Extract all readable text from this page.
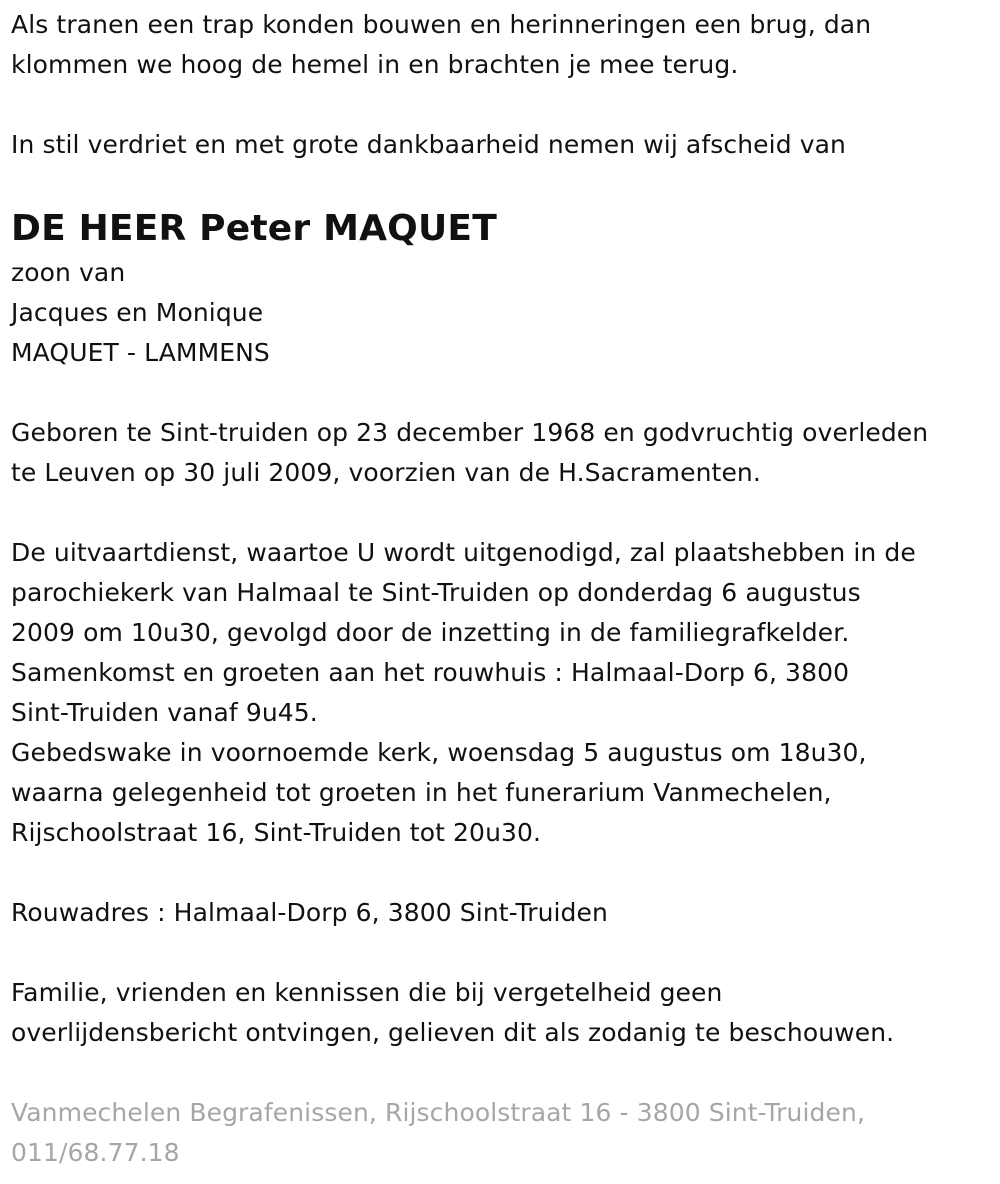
Als tranen een trap konden bouwen en herinneringen een brug, dan
klommen we hoog de hemel in en brachten je mee terug.

In stil verdriet en met grote dankbaarheid nemen wij afscheid van

DE HEER Peter MAQUET

zoon van
Jacques en Monique
MAQUET - LAMMENS

Geboren te Sint-truiden op 23 december 1968 en godvruchtig overleden
te Leuven op 30 juli 2009, voorzien van de H.Sacramenten.

De uitvaartdienst, waartoe U wordt uitgenodigd, zal plaatshebben in de
parochiekerk van Halmaal te Sint-Truiden op donderdag 6 augustus
2009 om 10u30, gevolgd door de inzetting in de familiegrafkelder.
Samenkomst en groeten aan het rouwhuis : Halmaal-Dorp 6, 3800
Sint-Truiden vanaf 9u45.
Gebedswake in voornoemde kerk, woensdag 5 augustus om 18u30,
waarna gelegenheid tot groeten in het funerarium Vanmechelen,
Rijschoolstraat 16, Sint-Truiden tot 20u30.

Rouwadres : Halmaal-Dorp 6, 3800 Sint-Truiden

Familie, vrienden en kennissen die bij vergetelheid geen
overlijdensbericht ontvingen, gelieven dit als zodanig te beschouwen.

Vanmechelen Begrafenissen, Rijschoolstraat 16 - 3800 Sint-Truiden,
011/68.77.18
